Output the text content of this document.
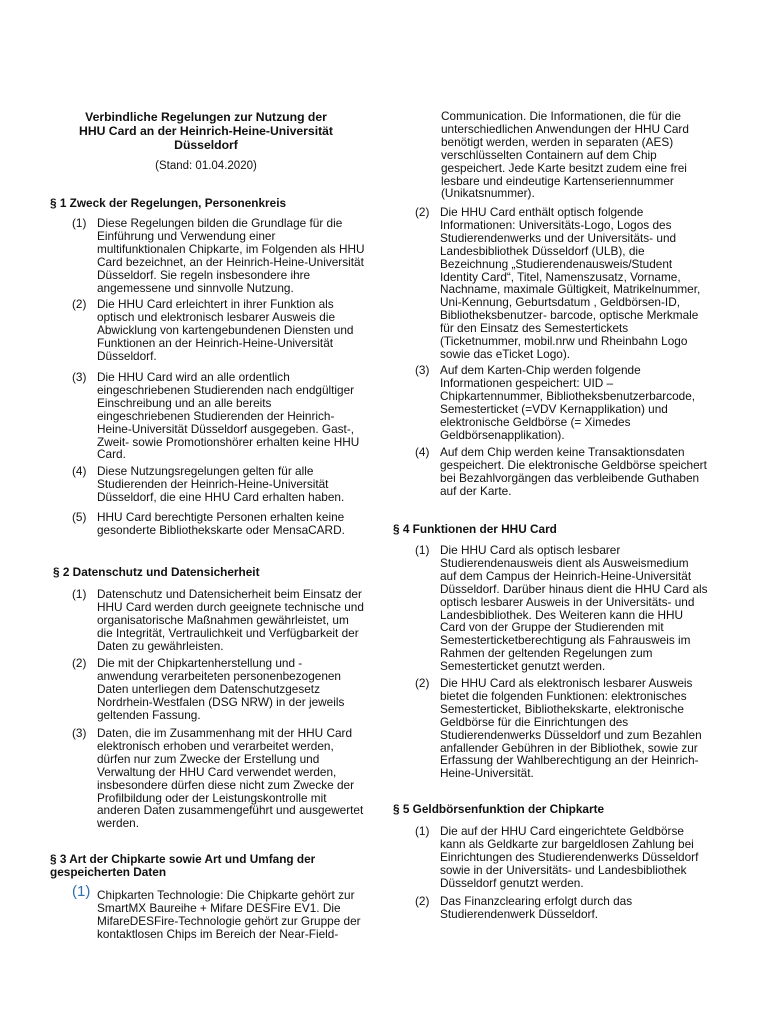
Verbindliche Regelungen zur Nutzung der
HHU Card an der Heinrich-Heine-Universität
Düsseldorf
(Stand: 01.04.2020)
§ 1 Zweck der Regelungen, Personenkreis
(1) Diese Regelungen bilden die Grundlage für die
Einführung und Verwendung einer
multifunktionalen Chipkarte, im Folgenden als HHU
Card bezeichnet, an der Heinrich-Heine-Universität
Düsseldorf. Sie regeln insbesondere ihre
angemessene und sinnvolle Nutzung.
(2) Die HHU Card erleichtert in ihrer Funktion als
optisch und elektronisch lesbarer Ausweis die
Abwicklung von kartengebundenen Diensten und
Funktionen an der Heinrich-Heine-Universität
Düsseldorf.
(3) Die HHU Card wird an alle ordentlich
eingeschriebenen Studierenden nach endgültiger
Einschreibung und an alle bereits
eingeschriebenen Studierenden der Heinrich-
Heine-Universität Düsseldorf ausgegeben. Gast-,
Zweit- sowie Promotionshörer erhalten keine HHU
Card.
(4) Diese Nutzungsregelungen gelten für alle
Studierenden der Heinrich-Heine-Universität
Düsseldorf, die eine HHU Card erhalten haben.
(5) HHU Card berechtigte Personen erhalten keine
gesonderte Bibliothekskarte oder MensaCARD.
§ 2 Datenschutz und Datensicherheit
(1) Datenschutz und Datensicherheit beim Einsatz der
HHU Card werden durch geeignete technische und
organisatorische Maßnahmen gewährleistet, um
die Integrität, Vertraulichkeit und Verfügbarkeit der
Daten zu gewährleisten.
(2) Die mit der Chipkartenherstellung und -
anwendung verarbeiteten personenbezogenen
Daten unterliegen dem Datenschutzgesetz
Nordrhein-Westfalen (DSG NRW) in der jeweils
geltenden Fassung.
(3) Daten, die im Zusammenhang mit der HHU Card
elektronisch erhoben und verarbeitet werden,
dürfen nur zum Zwecke der Erstellung und
Verwaltung der HHU Card verwendet werden,
insbesondere dürfen diese nicht zum Zwecke der
Profilbildung oder der Leistungskontrolle mit
anderen Daten zusammengeführt und ausgewertet
werden.
§ 3 Art der Chipkarte sowie Art und Umfang der
gespeicherten Daten
(1) Chipkarten Technologie: Die Chipkarte gehört zur
SmartMX Baureihe + Mifare DESFire EV1. Die
MifareDESFire-Technologie gehört zur Gruppe der
kontaktlosen Chips im Bereich der Near-Field-
Communication. Die Informationen, die für die
unterschiedlichen Anwendungen der HHU Card
benötigt werden, werden in separaten (AES)
verschlüsselten Containern auf dem Chip
gespeichert. Jede Karte besitzt zudem eine frei
lesbare und eindeutige Kartenseriennummer
(Unikatsnummer).
(2) Die HHU Card enthält optisch folgende
Informationen: Universitäts-Logo, Logos des
Studierendenwerks und der Universitäts- und
Landesbibliothek Düsseldorf (ULB), die
Bezeichnung „Studierendenausweis/Student
Identity Card“, Titel, Namenszusatz, Vorname,
Nachname, maximale Gültigkeit, Matrikelnummer,
Uni-Kennung, Geburtsdatum , Geldbörsen-ID,
Bibliotheksbenutzer- barcode, optische Merkmale
für den Einsatz des Semestertickets
(Ticketnummer, mobil.nrw und Rheinbahn Logo
sowie das eTicket Logo).
(3) Auf dem Karten-Chip werden folgende
Informationen gespeichert: UID –
Chipkartennummer, Bibliotheksbenutzerbarcode,
Semesterticket (=VDV Kernapplikation) und
elektronische Geldbörse (= Ximedes
Geldbörsenapplikation).
(4) Auf dem Chip werden keine Transaktionsdaten
gespeichert. Die elektronische Geldbörse speichert
bei Bezahlvorgängen das verbleibende Guthaben
auf der Karte.
§ 4 Funktionen der HHU Card
(1) Die HHU Card als optisch lesbarer
Studierendenausweis dient als Ausweismedium
auf dem Campus der Heinrich-Heine-Universität
Düsseldorf. Darüber hinaus dient die HHU Card als
optisch lesbarer Ausweis in der Universitäts- und
Landesbibliothek. Des Weiteren kann die HHU
Card von der Gruppe der Studierenden mit
Semesterticketberechtigung als Fahrausweis im
Rahmen der geltenden Regelungen zum
Semesterticket genutzt werden.
(2) Die HHU Card als elektronisch lesbarer Ausweis
bietet die folgenden Funktionen: elektronisches
Semesterticket, Bibliothekskarte, elektronische
Geldbörse für die Einrichtungen des
Studierendenwerks Düsseldorf und zum Bezahlen
anfallender Gebühren in der Bibliothek, sowie zur
Erfassung der Wahlberechtigung an der Heinrich-
Heine-Universität.
§ 5 Geldbörsenfunktion der Chipkarte
(1) Die auf der HHU Card eingerichtete Geldbörse
kann als Geldkarte zur bargeldlosen Zahlung bei
Einrichtungen des Studierendenwerks Düsseldorf
sowie in der Universitäts- und Landesbibliothek
Düsseldorf genutzt werden.
(2) Das Finanzclearing erfolgt durch das
Studierendenwerk Düsseldorf.
